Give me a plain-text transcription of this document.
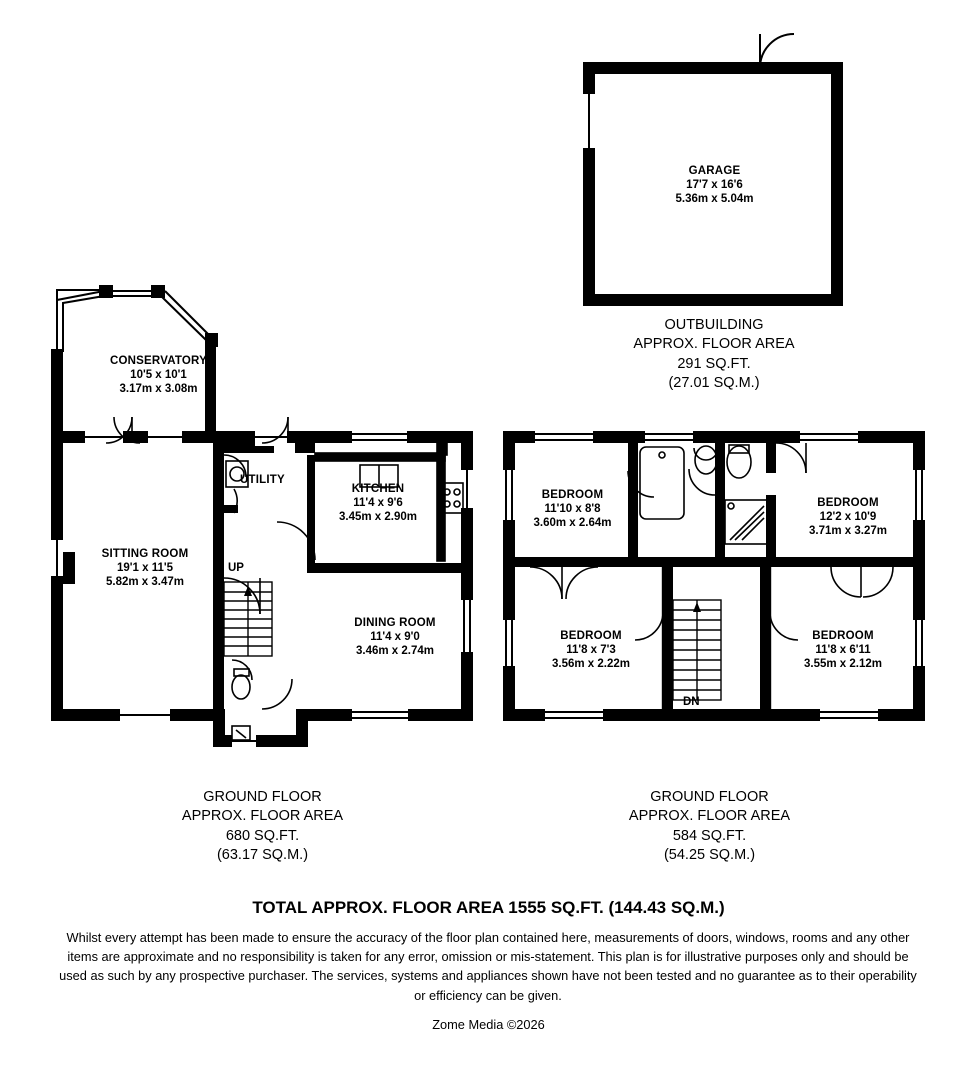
GARAGE
17'7 x 16'6
5.36m x 5.04m
OUTBUILDING
APPROX. FLOOR AREA
291 SQ.FT.
(27.01 SQ.M.)
CONSERVATORY
10'5 x 10'1
3.17m x 3.08m
UTILITY
KITCHEN
11'4 x 9'6
3.45m x 2.90m
SITTING ROOM
19'1 x 11'5
5.82m x 3.47m
DINING ROOM
11'4 x 9'0
3.46m x 2.74m
UP
GROUND FLOOR
APPROX. FLOOR AREA
680 SQ.FT.
(63.17 SQ.M.)
BEDROOM
11'10 x 8'8
3.60m x 2.64m
BEDROOM
12'2 x 10'9
3.71m x 3.27m
BEDROOM
11'8 x 7'3
3.56m x 2.22m
BEDROOM
11'8 x 6'11
3.55m x 2.12m
DN
GROUND FLOOR
APPROX. FLOOR AREA
584 SQ.FT.
(54.25 SQ.M.)
TOTAL APPROX. FLOOR AREA 1555 SQ.FT. (144.43 SQ.M.)
Whilst every attempt has been made to ensure the accuracy of the floor plan contained here, measurements of doors, windows, rooms and any other items are approximate and no responsibility is taken for any error, omission or mis-statement. This plan is for illustrative purposes only and should be used as such by any prospective purchaser. The services, systems and appliances shown have not been tested and no guarantee as to their operability or efficiency can be given.
Zome Media ©2026
